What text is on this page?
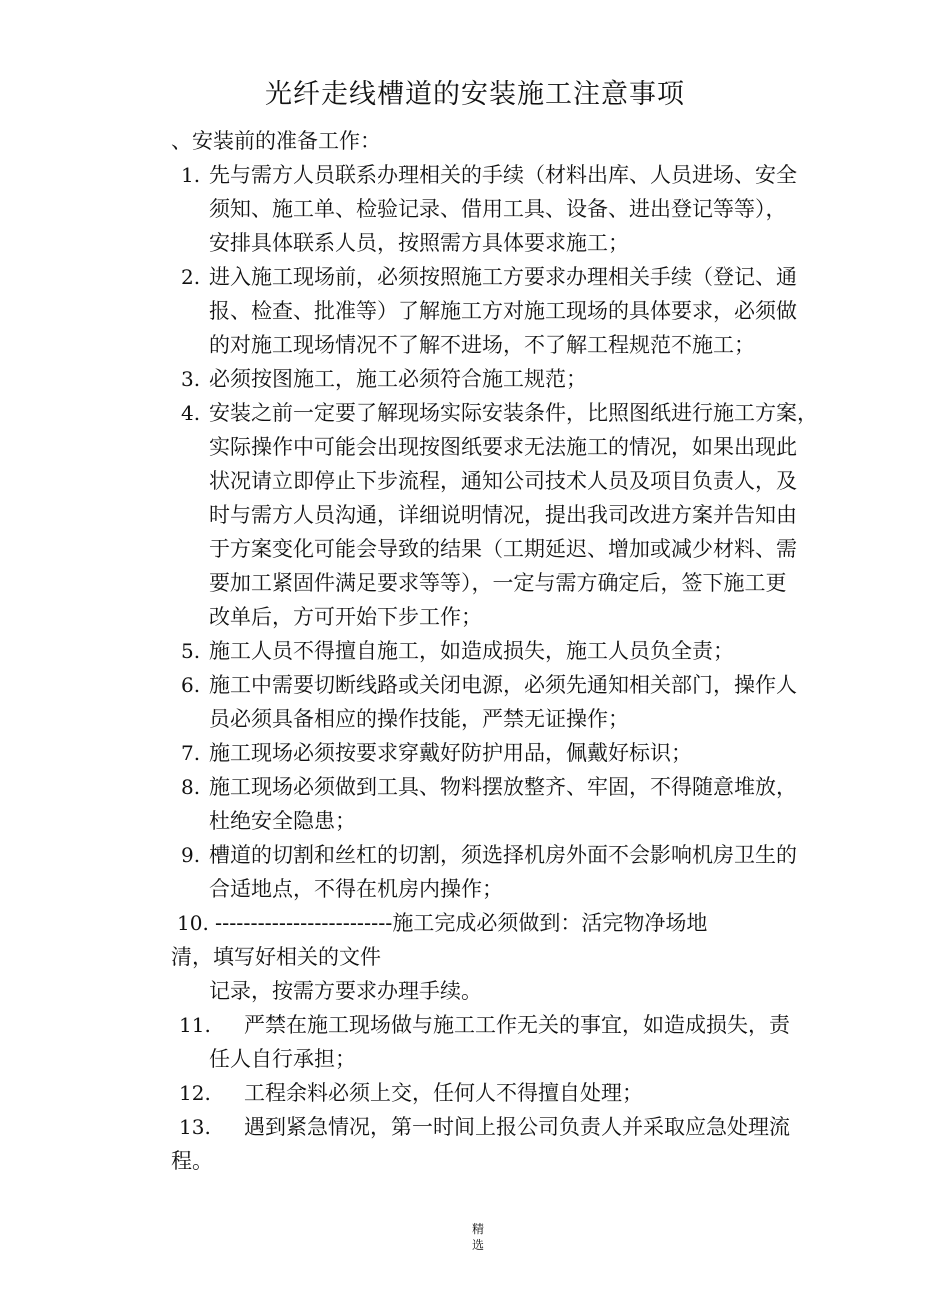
光纤走线槽道的安装施工注意事项

、安装前的准备工作：

1. 先与需方人员联系办理相关的手续（材料出库、人员进场、安全

须知、施工单、检验记录、借用工具、设备、进出登记等等），

安排具体联系人员，按照需方具体要求施工；

2. 进入施工现场前，必须按照施工方要求办理相关手续（登记、通

报、检查、批准等）了解施工方对施工现场的具体要求，必须做

的对施工现场情况不了解不进场，不了解工程规范不施工；

3. 必须按图施工，施工必须符合施工规范；

4. 安装之前一定要了解现场实际安装条件，比照图纸进行施工方案，

实际操作中可能会出现按图纸要求无法施工的情况，如果出现此

状况请立即停止下步流程，通知公司技术人员及项目负责人，及

时与需方人员沟通，详细说明情况，提出我司改进方案并告知由

于方案变化可能会导致的结果（工期延迟、增加或减少材料、需

要加工紧固件满足要求等等），一定与需方确定后，签下施工更

改单后，方可开始下步工作；

5. 施工人员不得擅自施工，如造成损失，施工人员负全责；

6. 施工中需要切断线路或关闭电源，必须先通知相关部门，操作人

员必须具备相应的操作技能，严禁无证操作；

7. 施工现场必须按要求穿戴好防护用品，佩戴好标识；

8. 施工现场必须做到工具、物料摆放整齐、牢固，不得随意堆放，

杜绝安全隐患；

9. 槽道的切割和丝杠的切割，须选择机房外面不会影响机房卫生的

合适地点，不得在机房内操作；

10. -------------------------施工完成必须做到：活完物净场地

清，填写好相关的文件

记录，按需方要求办理手续。

11. 严禁在施工现场做与施工工作无关的事宜，如造成损失，责

任人自行承担；

12. 工程余料必须上交，任何人不得擅自处理；

13. 遇到紧急情况，第一时间上报公司负责人并采取应急处理流

程。

精
选
